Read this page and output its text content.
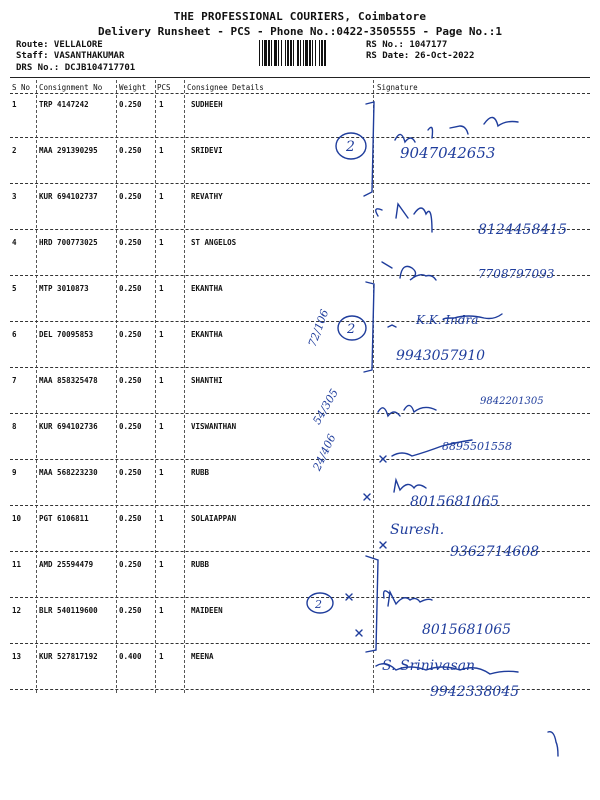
THE PROFESSIONAL COURIERS, Coimbatore
Delivery Runsheet - PCS - Phone No.:0422-3505555 - Page No.:1
Route: VELLALORE
Staff: VASANTHAKUMAR
DRS No.: DCJB104717701
RS No.: 1047177
RS Date: 26-Oct-2022
S No Consignment No Weight PCS Consignee Details	Signature
1	TRP 4147242	0.250 1	SUDHEEH
2	MAA 291390295	0.250 1	SRIDEVI
3	KUR 694102737	0.250 1	REVATHY
4	HRD 700773025	0.250 1	ST ANGELOS
5	MTP 3010873	0.250 1	EKANTHA
6	DEL 70095853	0.250 1	EKANTHA
7	MAA 858325478	0.250 1	SHANTHI
8	KUR 694102736	0.250 1	VISWANTHAN
9	MAA 568223230	0.250 1	RUBB
10 PGT 6106811	0.250 1	SOLAIAPPAN
11 AMD 25594479	0.250 1	RUBB
12 BLR 540119600	0.250 1	MAIDEEN
13 KUR 527817192	0.400 1	MEENA
9047042653
8124458415
7708797093
K.K. Indra
9943057910
9842201305
8895501558
8015681065
Suresh.
9362714608
8015681065
S. Srinivasan
9942338045
72/106
54/305
24/406
2
2
2
